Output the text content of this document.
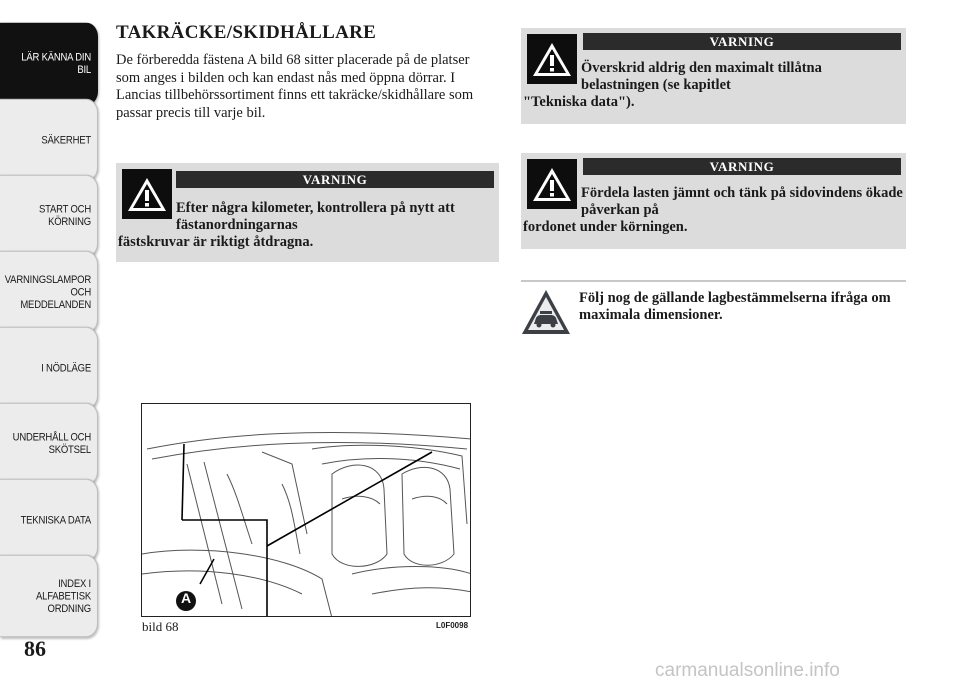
LÄR KÄNNA DIN
BIL
SÄKERHET
START OCH
KÖRNING
VARNINGSLAMPOR
OCH
MEDDELANDEN
I NÖDLÄGE
UNDERHÅLL OCH
SKÖTSEL
TEKNISKA DATA
INDEX I
ALFABETISK
ORDNING
86
TAKRÄCKE/SKIDHÅLLARE

De förberedda fästena A bild 68 sitter placerade på de platser som anges i bilden och kan endast nås med öppna dörrar. I Lancias tillbehörssortiment finns ett takräcke/skidhållare som passar precis till varje bil.

VARNING
Efter några kilometer, kontrollera på nytt att fästanordningarnas
fästskruvar är riktigt åtdragna.
A
bild 68	L0F0098
VARNING
Överskrid aldrig den maximalt tillåtna belastningen (se kapitlet
"Tekniska data").
VARNING
Fördela lasten jämnt och tänk på sidovindens ökade påverkan på
fordonet under körningen.
Följ nog de gällande lagbestämmelserna ifråga om maximala dimensioner.
carmanualsonline.info
